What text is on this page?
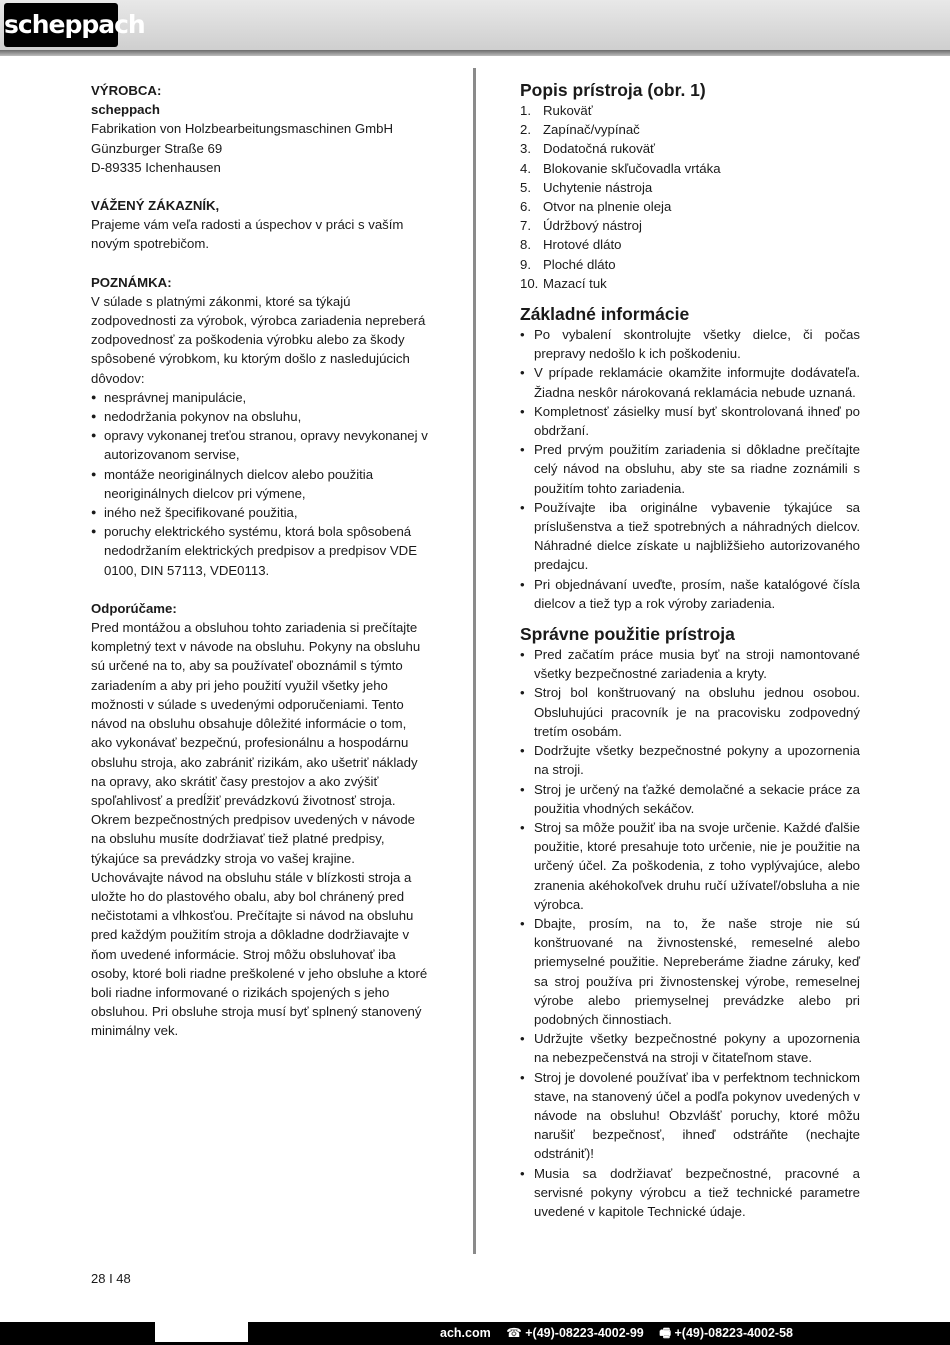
scheppach

VÝROBCA:

scheppach

Fabrikation von Holzbearbeitungsmaschinen GmbH

Günzburger Straße 69

D-89335 Ichenhausen

VÁŽENÝ ZÁKAZNÍK,

Prajeme vám veľa radosti a úspechov v práci s vaším novým spotrebičom.

POZNÁMKA:

V súlade s platnými zákonmi, ktoré sa týkajú zodpovednosti za výrobok, výrobca zariadenia nepreberá zodpovednosť za poškodenia výrobku alebo za škody spôsobené výrobkom, ku ktorým došlo z nasledujúcich dôvodov:

● nesprávnej manipulácie,
● nedodržania pokynov na obsluhu,
● opravy vykonanej treťou stranou, opravy nevykonanej v autorizovanom servise,
● montáže neoriginálnych dielcov alebo použitia neoriginálnych dielcov pri výmene,
● iného než špecifikované použitia,
● poruchy elektrického systému, ktorá bola spôsobená nedodržaním elektrických predpisov a predpisov VDE 0100, DIN 57113, VDE0113.

Odporúčame:

Pred montážou a obsluhou tohto zariadenia si prečítajte kompletný text v návode na obsluhu. Pokyny na obsluhu sú určené na to, aby sa používateľ oboznámil s týmto zariadením a aby pri jeho použití využil všetky jeho možnosti v súlade s uvedenými odporučeniami. Tento návod na obsluhu obsahuje dôležité informácie o tom, ako vykonávať bezpečnú, profesionálnu a hospodárnu obsluhu stroja, ako zabrániť rizikám, ako ušetriť náklady na opravy, ako skrátiť časy prestojov a ako zvýšiť spoľahlivosť a predĺžiť prevádzkovú životnosť stroja. Okrem bezpečnostných predpisov uvedených v návode na obsluhu musíte dodržiavať tiež platné predpisy, týkajúce sa prevádzky stroja vo vašej krajine.

Uchovávajte návod na obsluhu stále v blízkosti stroja a uložte ho do plastového obalu, aby bol chránený pred nečistotami a vlhkosťou. Prečítajte si návod na obsluhu pred každým použitím stroja a dôkladne dodržiavajte v ňom uvedené informácie. Stroj môžu obsluhovať iba osoby, ktoré boli riadne preškolené v jeho obsluhe a ktoré boli riadne informované o rizikách spojených s jeho obsluhou. Pri obsluhe stroja musí byť splnený stanovený minimálny vek.

Popis prístroja (obr. 1)
1. Rukoväť
2. Zapínač/vypínač
3. Dodatočná rukoväť
4. Blokovanie skľučovadla vrtáka
5. Uchytenie nástroja
6. Otvor na plnenie oleja
7. Údržbový nástroj
8. Hrotové dláto
9. Ploché dláto
10. Mazací tuk
Základné informácie
• Po vybalení skontrolujte všetky dielce, či počas prepravy nedošlo k ich poškodeniu.
• V prípade reklamácie okamžite informujte dodávateľa. Žiadna neskôr nárokovaná reklamácia nebude uznaná.
• Kompletnosť zásielky musí byť skontrolovaná ihneď po obdržaní.
• Pred prvým použitím zariadenia si dôkladne prečítajte celý návod na obsluhu, aby ste sa riadne zoznámili s použitím tohto zariadenia.
• Používajte iba originálne vybavenie týkajúce sa príslušenstva a tiež spotrebných a náhradných dielcov. Náhradné dielce získate u najbližšieho autorizovaného predajcu.
• Pri objednávaní uveďte, prosím, naše katalógové čísla dielcov a tiež typ a rok výroby zariadenia.
Správne použitie prístroja
• Pred začatím práce musia byť na stroji namontované všetky bezpečnostné zariadenia a kryty.
• Stroj bol konštruovaný na obsluhu jednou osobou. Obsluhujúci pracovník je na pracovisku zodpovedný tretím osobám.
• Dodržujte všetky bezpečnostné pokyny a upozornenia na stroji.
• Stroj je určený na ťažké demolačné a sekacie práce za použitia vhodných sekáčov.
• Stroj sa môže použiť iba na svoje určenie. Každé ďalšie použitie, ktoré presahuje toto určenie, nie je použitie na určený účel. Za poškodenia, z toho vyplývajúce, alebo zranenia akéhokoľvek druhu ručí užívateľ/obsluha a nie výrobca.
• Dbajte, prosím, na to, že naše stroje nie sú konštruované na živnostenské, remeselné alebo priemyselné použitie. Nepreberáme žiadne záruky, keď sa stroj používa pri živnostenskej výrobe, remeselnej výrobe alebo priemyselnej prevádzke alebo pri podobných činnostiach.
• Udržujte všetky bezpečnostné pokyny a upozornenia na nebezpečenstvá na stroji v čitateľnom stave.
• Stroj je dovolené používať iba v perfektnom technickom stave, na stanovený účel a podľa pokynov uvedených v návode na obsluhu! Obzvlášť poruchy, ktoré môžu narušiť bezpečnosť, ihneď odstráňte (nechajte odstrániť)!
• Musia sa dodržiavať bezpečnostné, pracovné a servisné pokyny výrobcu a tiež technické parametre uvedené v kapitole Technické údaje.
28 I 48
ach.com ☎ +(49)-08223-4002-99 🖷 +(49)-08223-4002-58
